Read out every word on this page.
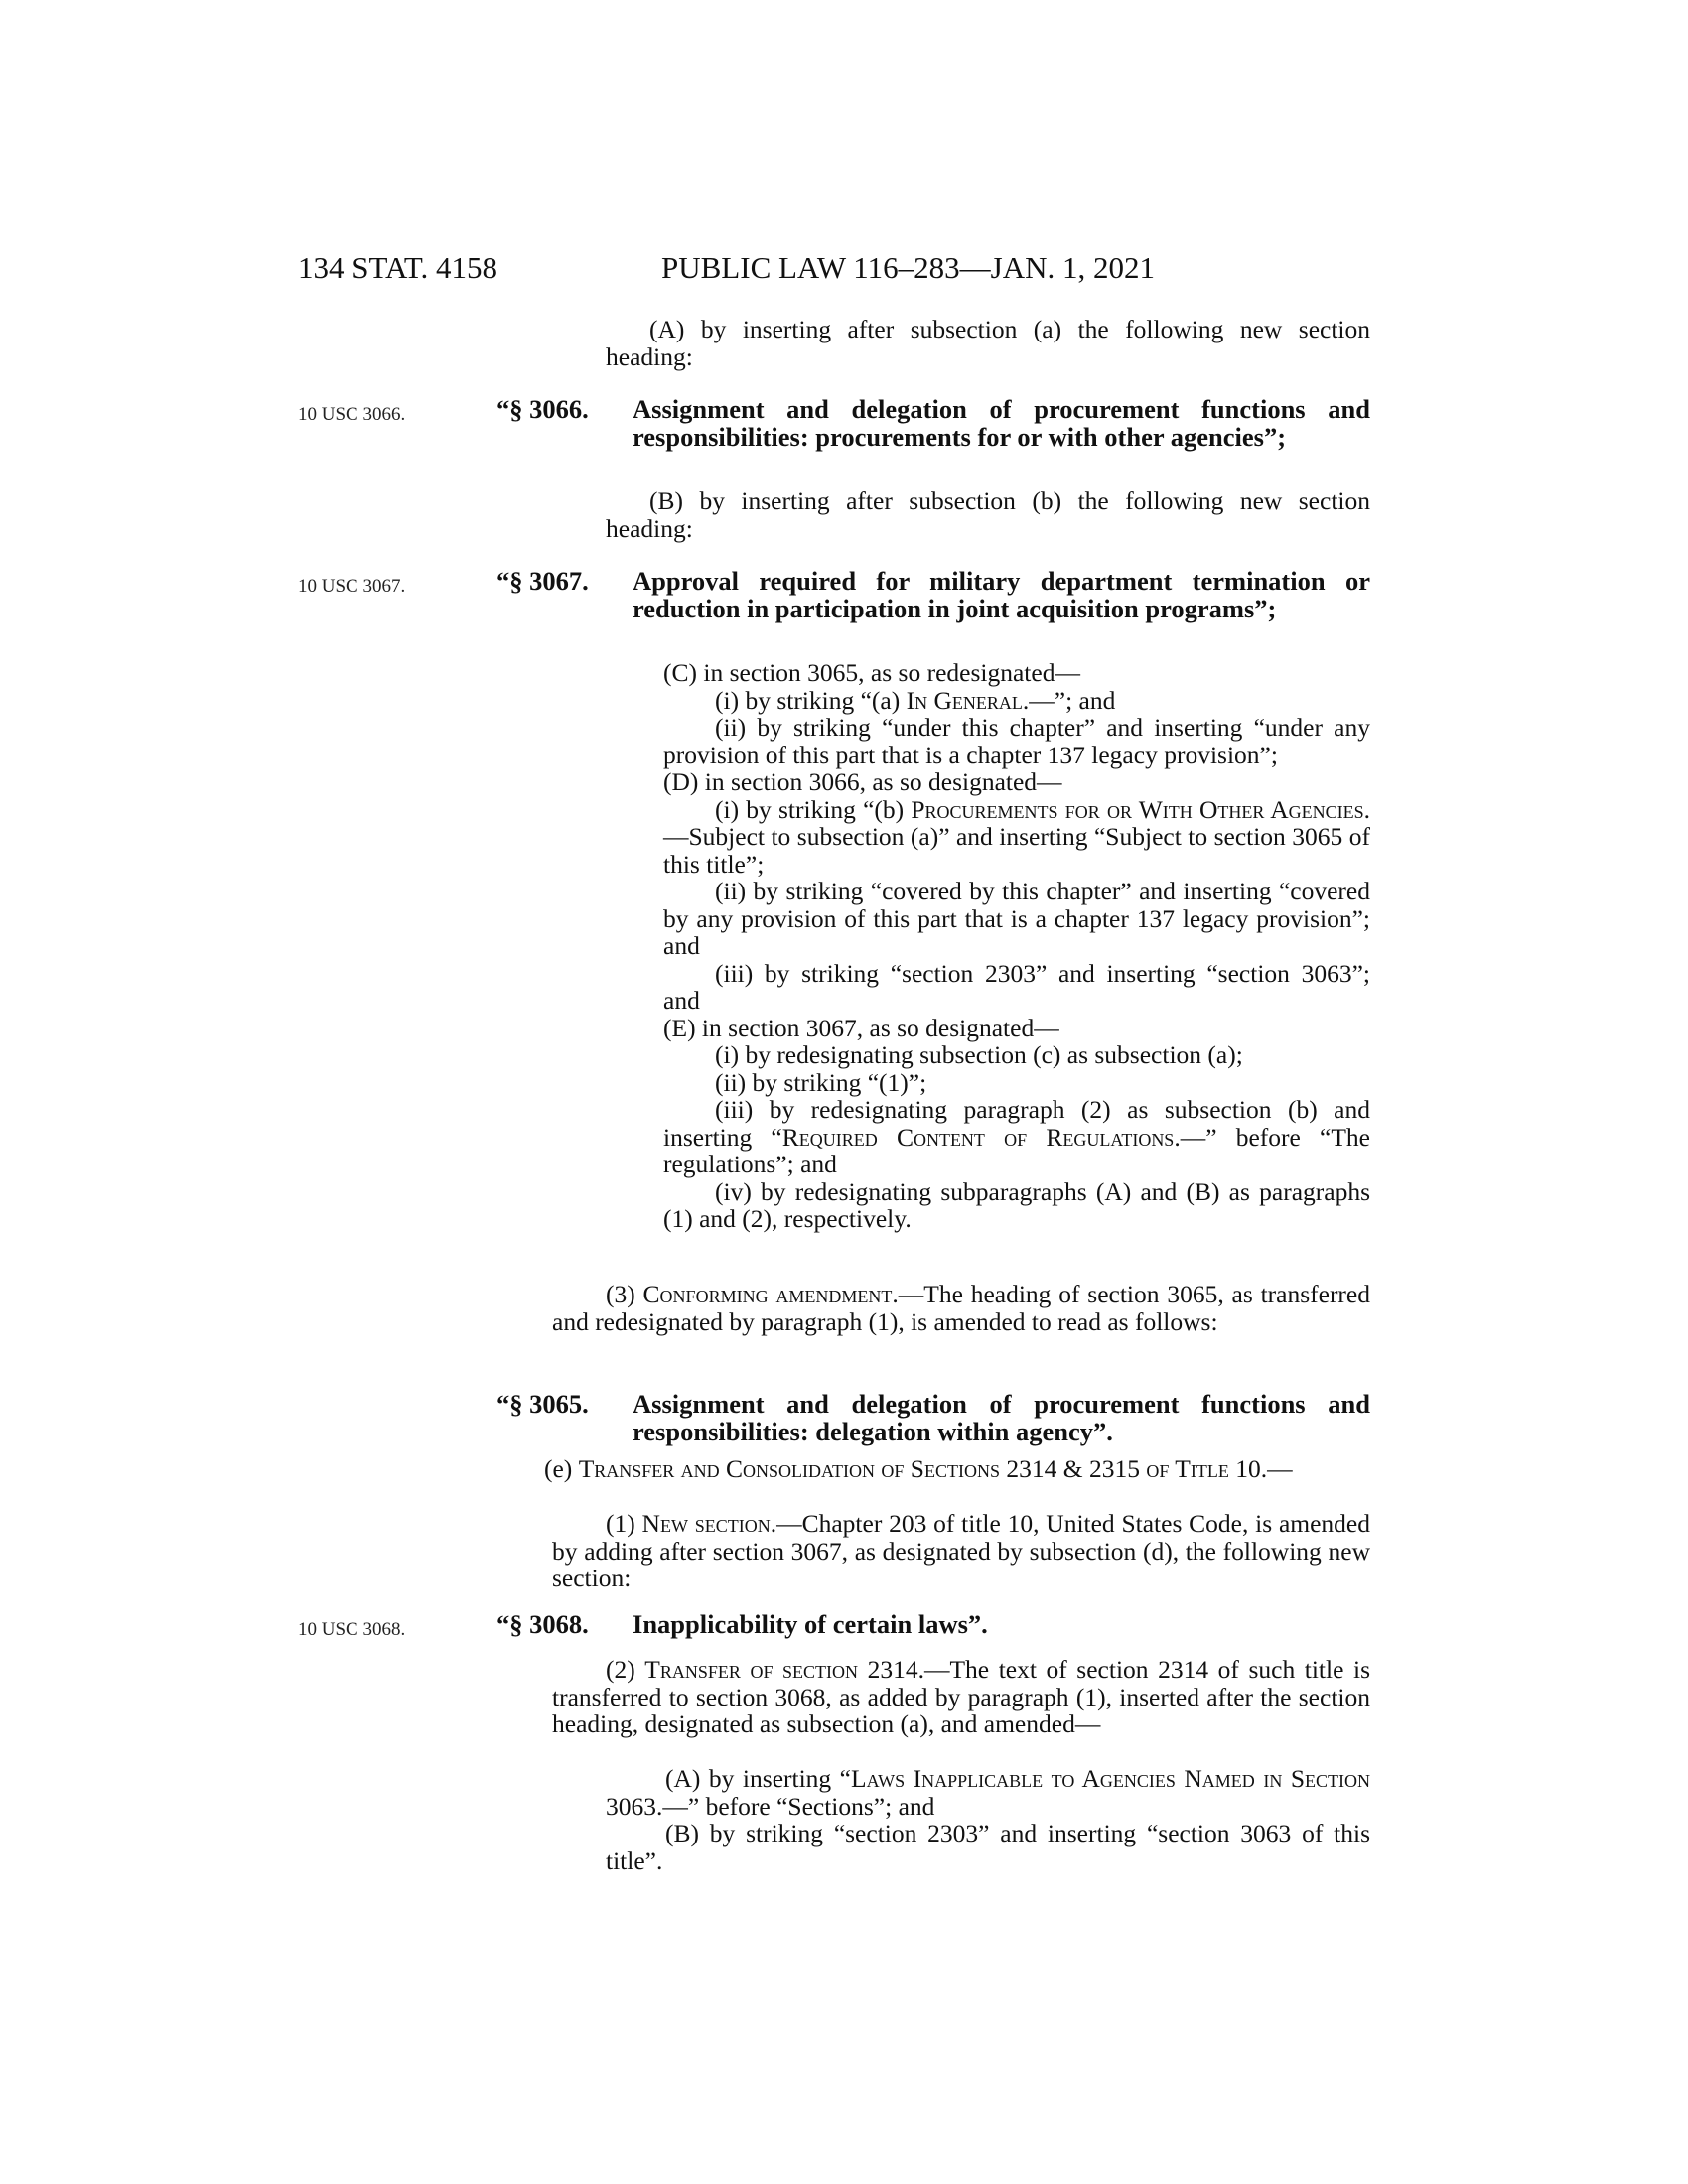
134 STAT. 4158	PUBLIC LAW 116–283—JAN. 1, 2021

(A) by inserting after subsection (a) the following new section heading:

10 USC 3066.	“§ 3066. Assignment and delegation of procurement functions and responsibilities: procurements for or with other agencies”;

(B) by inserting after subsection (b) the following new section heading:

10 USC 3067.	“§ 3067. Approval required for military department termination or reduction in participation in joint acquisition programs”;

(C) in section 3065, as so redesignated—

(i) by striking “(a) In General.—”; and

(ii) by striking “under this chapter” and inserting “under any provision of this part that is a chapter 137 legacy provision”;

(D) in section 3066, as so designated—

(i) by striking “(b) Procurements for or With Other Agencies.—Subject to subsection (a)” and inserting “Subject to section 3065 of this title”;

(ii) by striking “covered by this chapter” and inserting “covered by any provision of this part that is a chapter 137 legacy provision”; and

(iii) by striking “section 2303” and inserting “section 3063”; and

(E) in section 3067, as so designated—

(i) by redesignating subsection (c) as subsection (a);

(ii) by striking “(1)”;

(iii) by redesignating paragraph (2) as subsection (b) and inserting “Required Content of Regulations.—” before “The regulations”; and

(iv) by redesignating subparagraphs (A) and (B) as paragraphs (1) and (2), respectively.

(3) Conforming amendment.—The heading of section 3065, as transferred and redesignated by paragraph (1), is amended to read as follows:

“§ 3065. Assignment and delegation of procurement functions and responsibilities: delegation within agency”.

(e) Transfer and Consolidation of Sections 2314 & 2315 of Title 10.—

(1) New section.—Chapter 203 of title 10, United States Code, is amended by adding after section 3067, as designated by subsection (d), the following new section:

10 USC 3068.	“§ 3068. Inapplicability of certain laws”.

(2) Transfer of section 2314.—The text of section 2314 of such title is transferred to section 3068, as added by paragraph (1), inserted after the section heading, designated as subsection (a), and amended—

(A) by inserting “Laws Inapplicable to Agencies Named in Section 3063.—” before “Sections”; and

(B) by striking “section 2303” and inserting “section 3063 of this title”.
